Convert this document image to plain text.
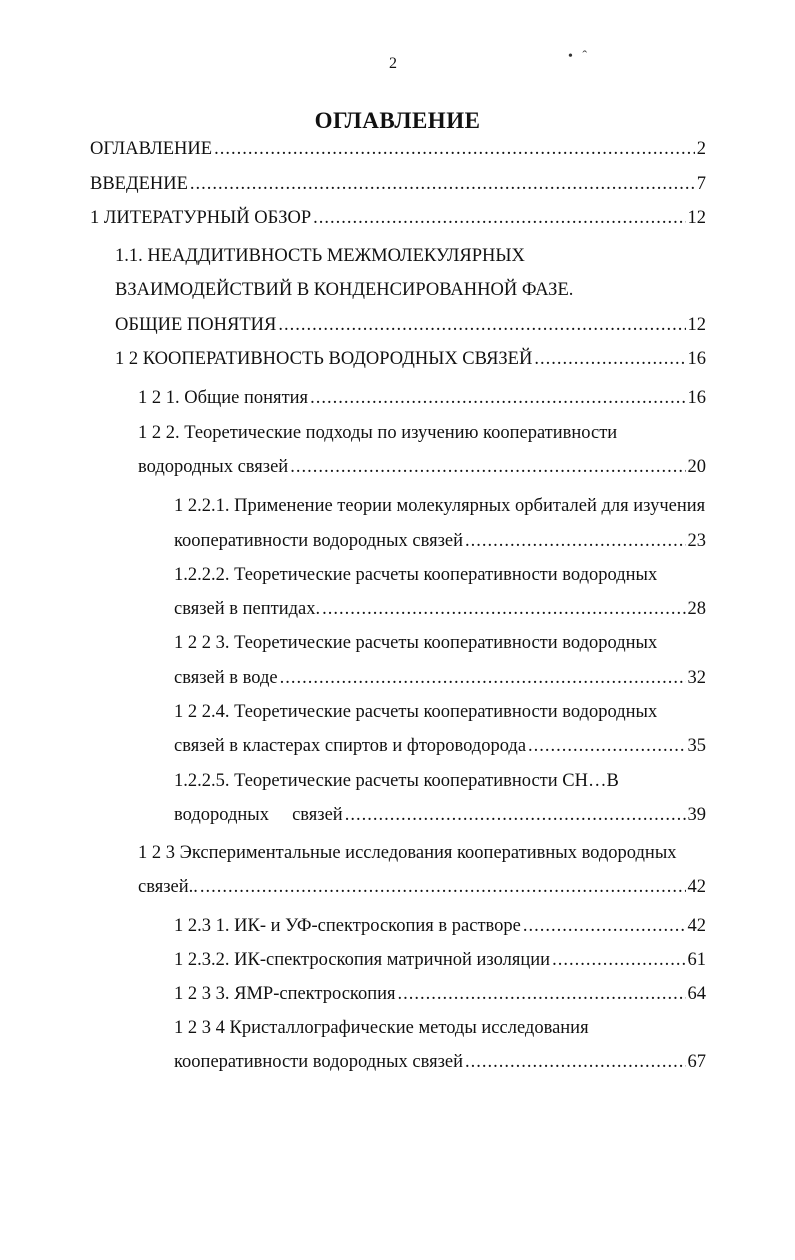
2	• ˆ
ОГЛАВЛЕНИЕ
ОГЛАВЛЕНИЕ .....	2
ВВЕДЕНИЕ .....	7
1 ЛИТЕРАТУРНЫЙ ОБЗОР .....	12
1.1. НЕАДДИТИВНОСТЬ МЕЖМОЛЕКУЛЯРНЫХ
ВЗАИМОДЕЙСТВИЙ В КОНДЕНСИРОВАННОЙ ФАЗЕ.
ОБЩИЕ ПОНЯТИЯ .....	12
1 2 КООПЕРАТИВНОСТЬ ВОДОРОДНЫХ СВЯЗЕЙ .....	16
1 2 1. Общие понятия .....	16
1 2 2. Теоретические подходы по изучению кооперативности
водородных связей .....	20
1 2.2.1. Применение теории молекулярных орбиталей для изучения
кооперативности водородных связей .....	23
1.2.2.2. Теоретические расчеты кооперативности водородных
связей в пептидах. .....	28
1 2 2 3. Теоретические расчеты кооперативности водородных
связей в воде .....	32
1 2 2.4. Теоретические расчеты кооперативности водородных
связей в кластерах спиртов и фтороводорода .....	35
1.2.2.5. Теоретические расчеты кооперативности CH…B
водородных     связей .....	39
1 2 3 Экспериментальные исследования кооперативных водородных
связей.. .....	42
1 2.3 1. ИК- и УФ-спектроскопия в растворе .....	42
1 2.3.2. ИК-спектроскопия матричной изоляции .....	61
1 2 3 3. ЯМР-спектроскопия .....	64
1 2 3 4 Кристаллографические методы исследования
кооперативности водородных связей .....	67
